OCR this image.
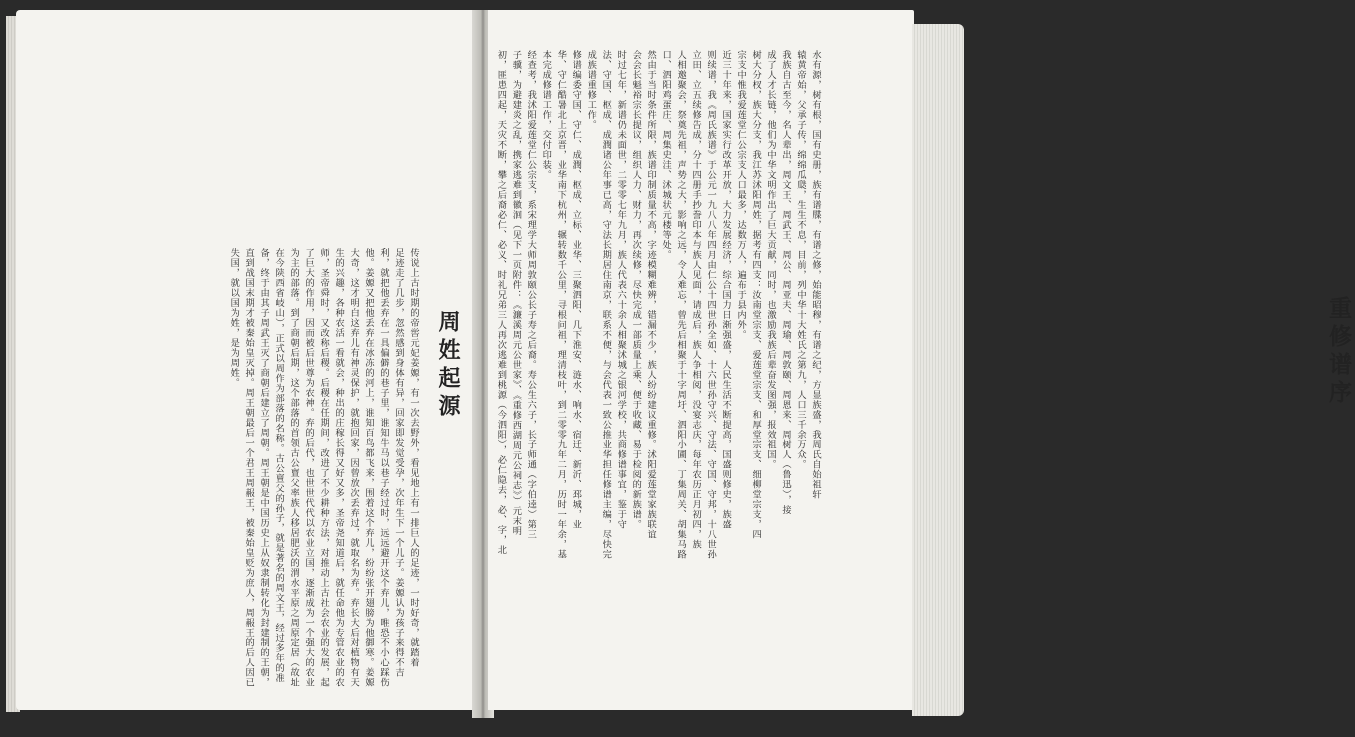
周姓起源
传说上古时期的帝喾元妃姜嫄，有一次去野外，看见地上有一排巨人的足迹，一时好奇，就踏着
足迹走了几步，忽然感到身体有异，回家即发觉受孕，次年生下一个儿子。姜嫄认为孩子来得不吉
利，就把他丢弃在一具偏僻的巷子里，谁知牛马以巷子经过时，远远避开这个弃儿，唯恐不小心踩伤
他。姜嫄又把他丢弃在冰冻的河上，谁知百鸟都飞来，围着这个弃儿，纷纷张开翅膀为他御寒。姜嫄
大奇，这才明白这弃儿有神灵保护，就抱回家，因曾放次丢弃过，就取名为弃。弃长大后对植物有天
生的兴趣，各种农活一看就会，种出的庄稼长得又好又多，圣帝尧知道后，就任命他为专管农业的农
师，圣帝舜时，又改称后稷。后稷在任期间，改进了不少耕种方法，对推动上古社会农业的发展，起
了巨大的作用，因而被后世尊为农神。弃的后代，也世世代代以农业立国，逐渐成为一个强大的农业
为主的部落。到了商朝后期，这个部落的首领古公亶父率族人移居肥沃的渭水平原之周原定居（故址
在今陕西省岐山），正式以周作为部落的名称。古公亶父的孙子，就是著名的周文王，经过多年的准
备，终于由其子周武王灭了商朝后建立了周朝。周王朝是中国历史上从奴隶制转化为封建制的王朝，
直到战国末期才被秦始皇灭掉。周王朝最后一个君王周赧王，被秦始皇贬为庶人，周赧王的后人因已
失国，就以国为姓，是为周姓。	重修谱序
水有源，树有根，国有史册，族有谱牒，有谱之修，始能昭穆，有谱之纪，方显族盛，我周氏自始祖轩
辕黄帝始，父承子传，绵绵瓜瓞，生生不息，目前，列中华十大姓氏之第九，人口三千余万众。
我族自古至今，名人辈出，周文王、周武王、周公、周亚夫、周瑜、周敦颐、周恩来、周树人（鲁迅），接
成了人才长链，他们为中华文明作出了巨大贡献，同时，也激励我族后辈奋发图强，报效祖国。
树大分杈，族大分支，我江苏沭阳周姓，据考有四支：汝南堂宗支、爱莲堂宗支、和厚堂宗支、细柳堂宗支，四
宗支中惟我爱莲堂仁公宗支人口最多，达数万人，遍布于县内外。
近三十年来，国家实行改革开放，大力发展经济，综合国力日渐强盛，人民生活不断提高，国盛则修史，族盛
则续谱，我《周氏族谱》于公元一九八八年四月由仁公十四世孙全如、十六世孙守兴、守法、守国、守邦，十八世孙
立田、立五续修告成，分十四册手抄誊印本与族人见面，请成后，族人争相阅，没宴志庆，每年农历正月初四，族
人相邀聚会，祭奠先祖，声势之大，影响之远，令人难忘，曾先后相聚于十字周圩、泗阳小圃、丁集周关、胡集马路
口、泗阳鸡蛋庄、周集史洼、沭城状元楼等处。
然由于当时条件所限，族谱印制质量不高，字迹模糊难辨，错漏不少，族人纷纷建议重修。沭阳爱莲堂家族联谊
会会长魁裕宗长提议，组织人力、财力，再次续修，尽快完成一部质量上乘、便于收藏、易于检阅的新族谱。
时过七年，新谱仍未面世，二零零七年九月，族人代表六十余人相聚沭城之银河学校，共商修谱事宜，鉴于守
法、守国、枢成、成潤诸公年事已高，守法长期居住南京，联系不便，与会代表一致公推业华担任修谱主编，尽快完
成族谱重修工作。
修谱编委守国、守仁、成潤、枢成、立标、业华、三聚泗阳、几下淮安、涟水、响水、宿迁、新沂、邳城，业
华、守仁酷暑北上京晋，业华南下杭州，辗转数千公里，寻根问祖，理清枝叶，到二零零九年二月，历时一年余，基
本完成修谱工作，交付印装。
经查考，我沭阳爱莲堂仁公宗支，系宋理学大师周敦颐公长子寿之后裔。寿公生六子，长子师通（字伯逵）第三
子骥，为避建炎之乱，携家逃难到徽洄（见下一页附件：《濂溪周元公世家》、《重修西湖周元公祠志》）元末明
初，匪患四起，天灾不断，攀之后裔必仁、必义、时礼兄弟三人再次逃难到桃源（今泗阳），必仁隐去，必、字，北
